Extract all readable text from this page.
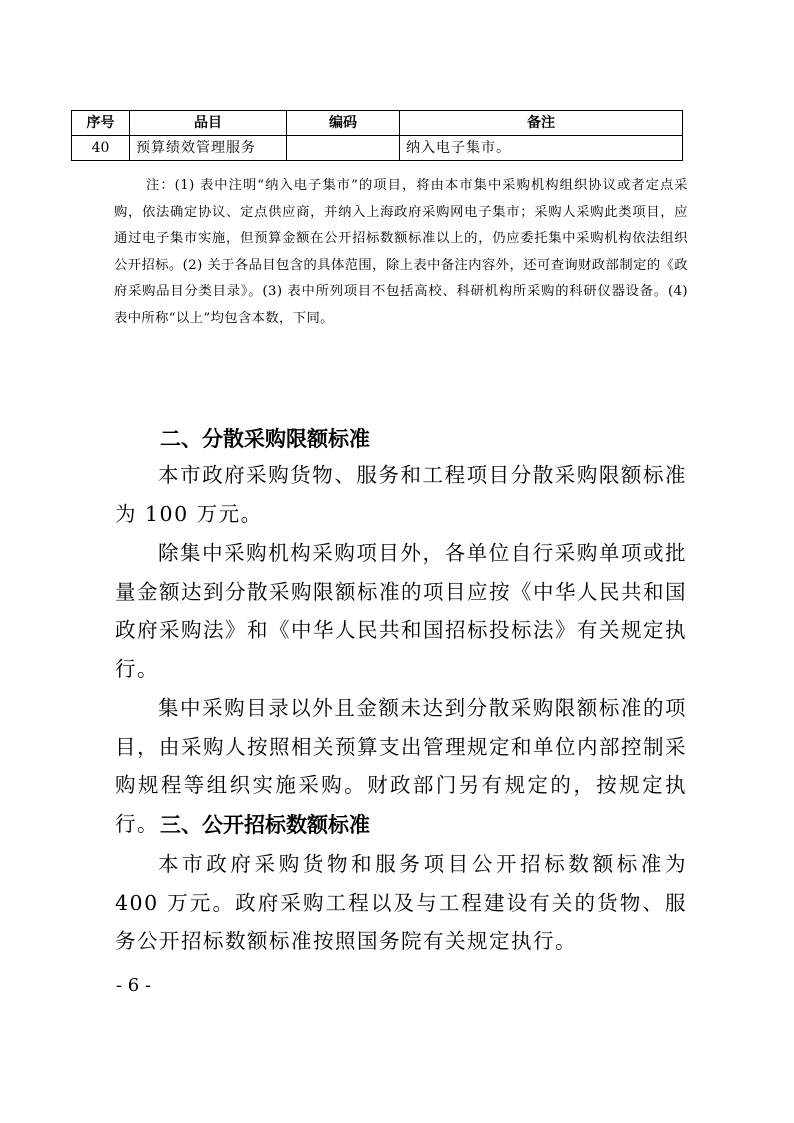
序号	品目	编码	备注
40	预算绩效管理服务		纳入电子集市。
注：(1) 表中注明“纳入电子集市”的项目，将由本市集中采购机构组织协议或者定点采购，依法确定协议、定点供应商，并纳入上海政府采购网电子集市；采购人采购此类项目，应通过电子集市实施，但预算金额在公开招标数额标准以上的，仍应委托集中采购机构依法组织公开招标。(2) 关于各品目包含的具体范围，除上表中备注内容外，还可查询财政部制定的《政府采购品目分类目录》。(3) 表中所列项目不包括高校、科研机构所采购的科研仪器设备。(4) 表中所称“以上”均包含本数，下同。
二、分散采购限额标准
本市政府采购货物、服务和工程项目分散采购限额标准为 100 万元。
除集中采购机构采购项目外，各单位自行采购单项或批量金额达到分散采购限额标准的项目应按《中华人民共和国政府采购法》和《中华人民共和国招标投标法》有关规定执行。
集中采购目录以外且金额未达到分散采购限额标准的项目，由采购人按照相关预算支出管理规定和单位内部控制采购规程等组织实施采购。财政部门另有规定的，按规定执行。 三、公开招标数额标准
本市政府采购货物和服务项目公开招标数额标准为 400 万元。政府采购工程以及与工程建设有关的货物、服务公开招标数额标准按照国务院有关规定执行。
- 6 -
